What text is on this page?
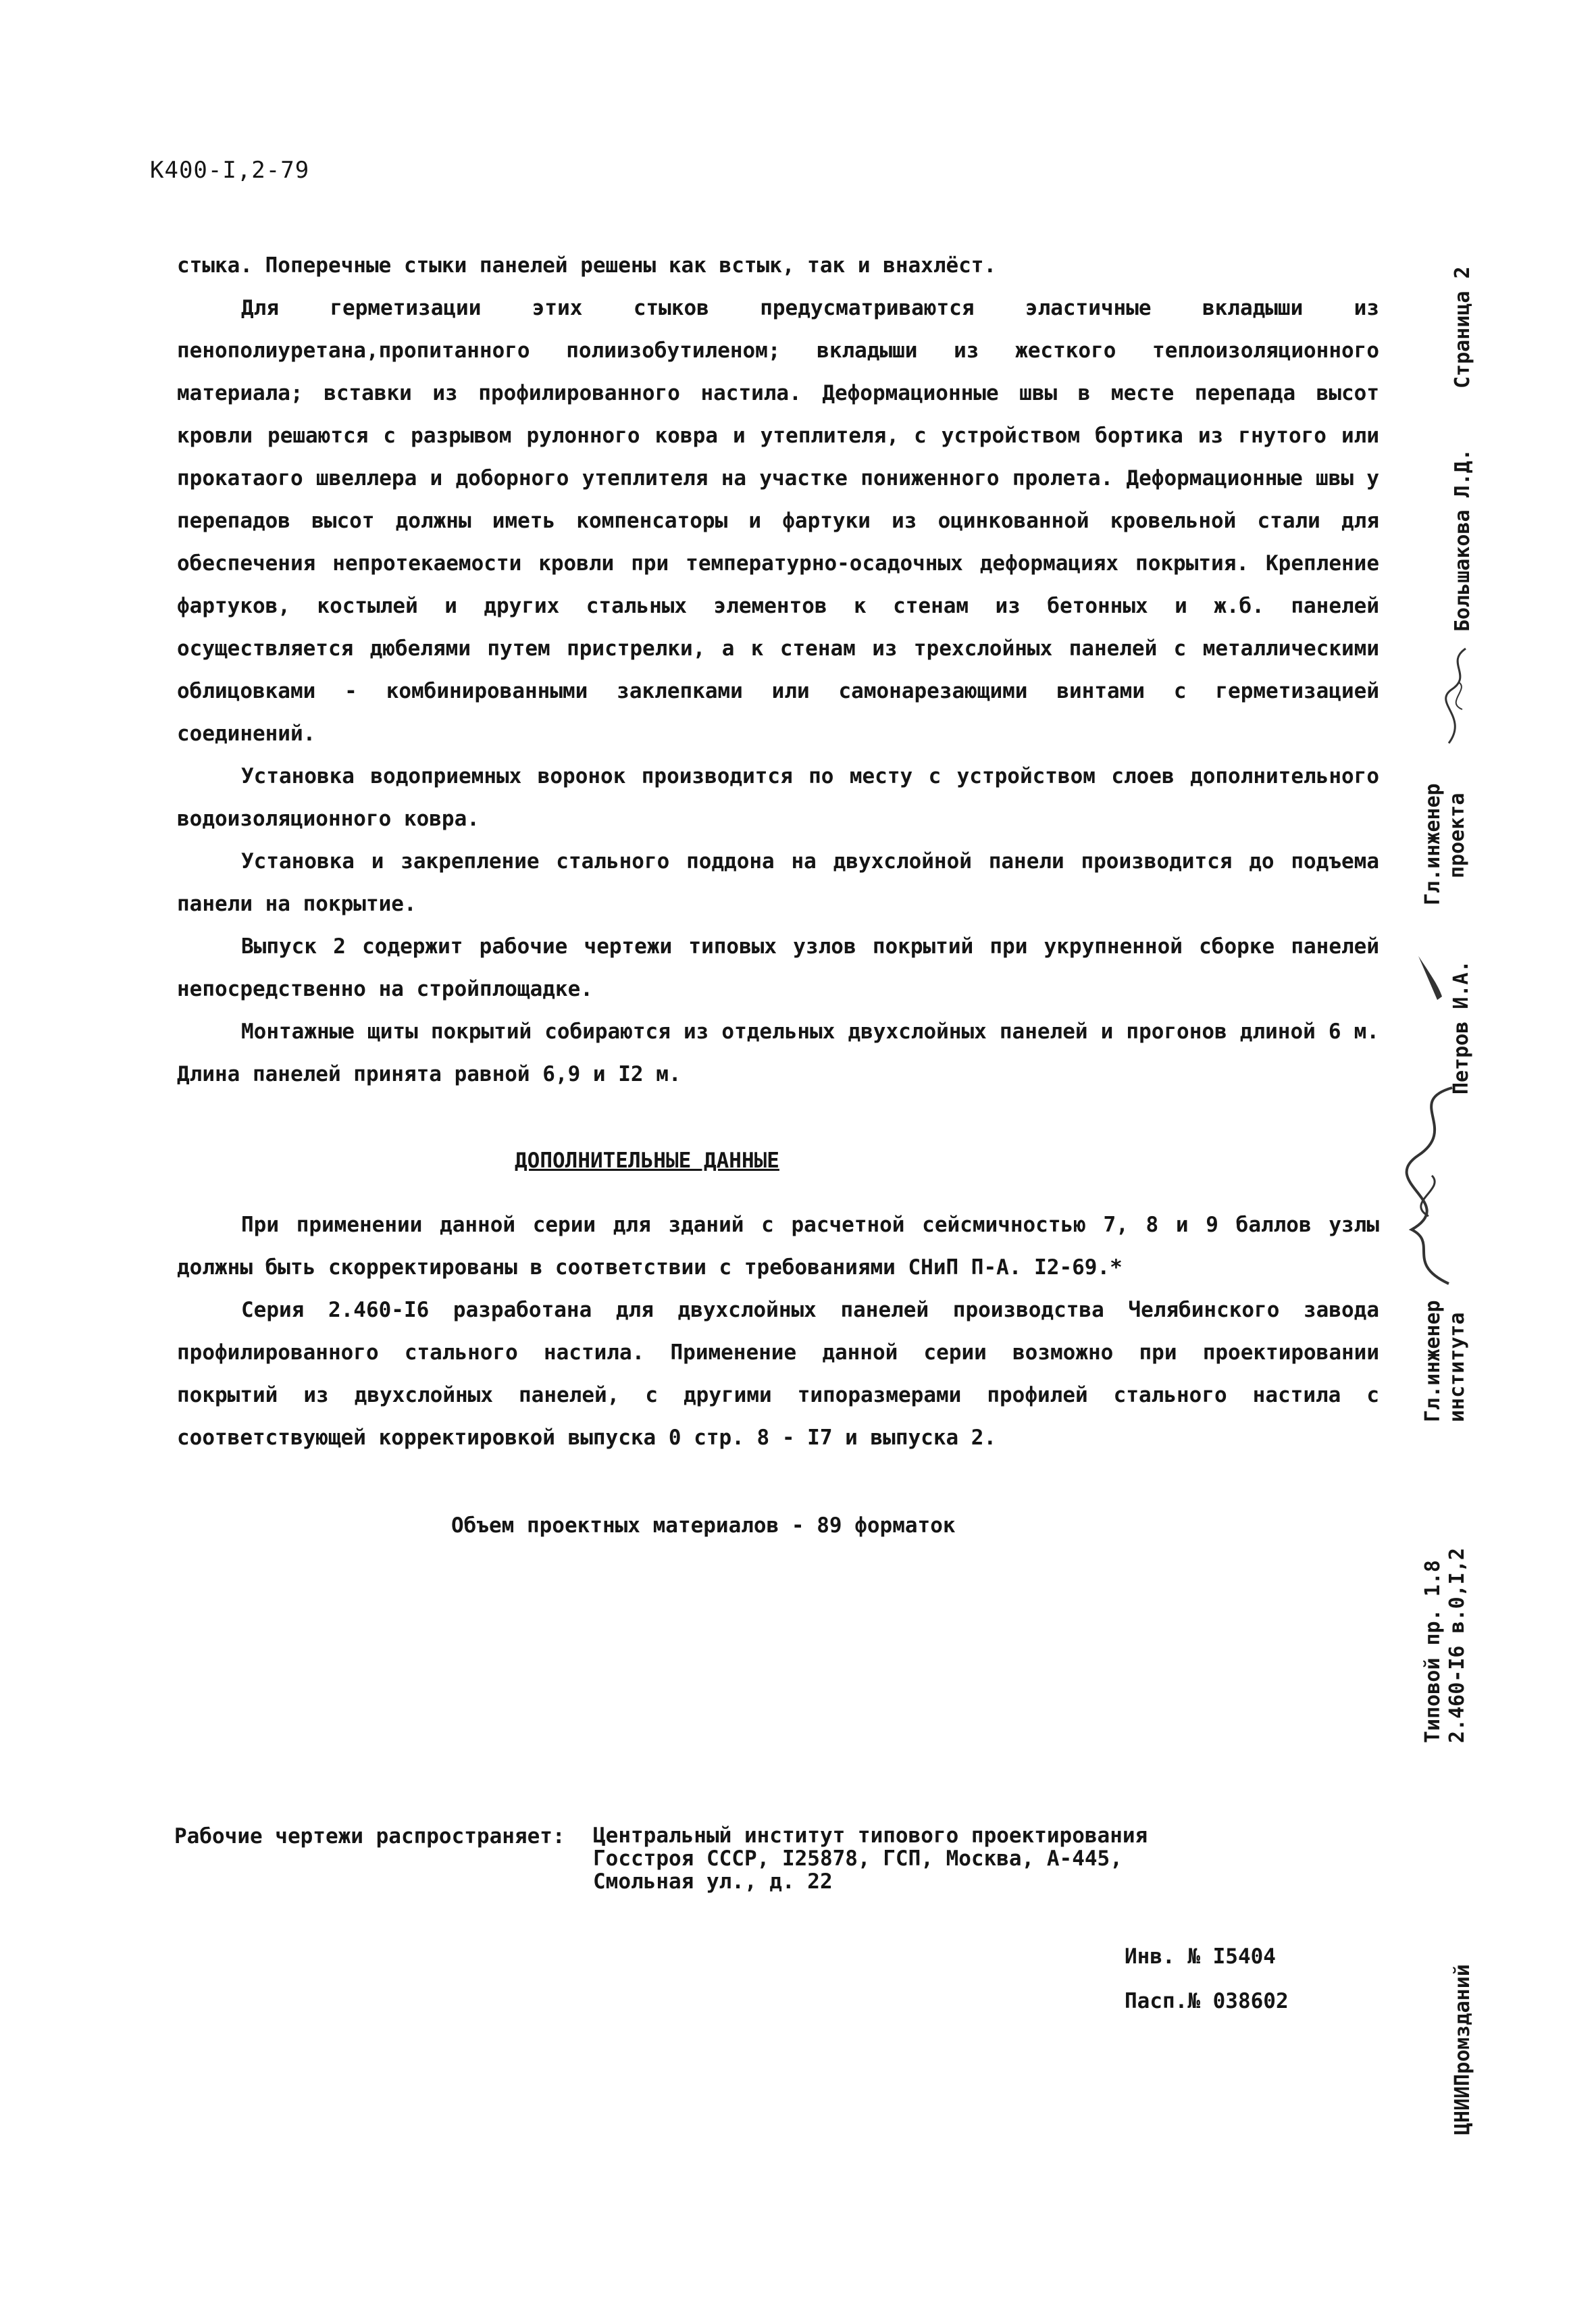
К400-I,2-79

стыка. Поперечные стыки панелей решены как встык, так и внахлёст.

Для герметизации этих стыков предусматриваются эластичные вкладыши из пенополиуретана,пропитанного полиизобутиленом; вкладыши из жесткого теплоизоляционного материала; вставки из профилированного настила. Деформационные швы в месте перепада высот кровли решаются с разрывом рулонного ковра и утеплителя, с устройством бортика из гнутого или прокатаого швеллера и доборного утеплителя на участке пониженного пролета. Деформационные швы у перепадов высот должны иметь компенсаторы и фартуки из оцинкованной кровельной стали для обеспечения непротекаемости кровли при температурно-осадочных деформациях покрытия. Крепление фартуков, костылей и других стальных элементов к стенам из бетонных и ж.б. панелей осуществляется дюбелями путем пристрелки, а к стенам из трехслойных панелей с металлическими облицовками - комбинированными заклепками или самонарезающими винтами с герметизацией соединений.

Установка водоприемных воронок производится по месту с устройством слоев дополнительного водоизоляционного ковра.

Установка и закрепление стального поддона на двухслойной панели производится до подъема панели на покрытие.

Выпуск 2 содержит рабочие чертежи типовых узлов покрытий при укрупненной сборке панелей непосредственно на стройплощадке.

Монтажные щиты покрытий собираются из отдельных двухслойных панелей и прогонов длиной 6 м. Длина панелей принята равной 6,9 и I2 м.

ДОПОЛНИТЕЛЬНЫЕ ДАННЫЕ

При применении данной серии для зданий с расчетной сейсмичностью 7, 8 и 9 баллов узлы должны быть скорректированы в соответствии с требованиями СНиП П-А. I2-69.*

Серия 2.460-I6 разработана для двухслойных панелей производства Челябинского завода профилированного стального настила. Применение данной серии возможно при проектировании покрытий из двухслойных панелей, с другими типоразмерами профилей стального настила с соответствующей корректировкой выпуска 0 стр. 8 - I7 и выпуска 2.

Объем проектных материалов - 89 форматок
Рабочие чертежи распространяет: Центральный институт типового проектирования
Госстроя СССР, I25878, ГСП, Москва, А-445,
Смольная ул., д. 22
Инв. № I5404
Пасп.№ 038602
Страница 2
Большакова Л.Д.
Гл.инженер проекта
Петров И.А.
Гл.инженер института
Типовой пр. 1.8 2.460-I6 в.0,I,2
ЦНИИПромзданий
